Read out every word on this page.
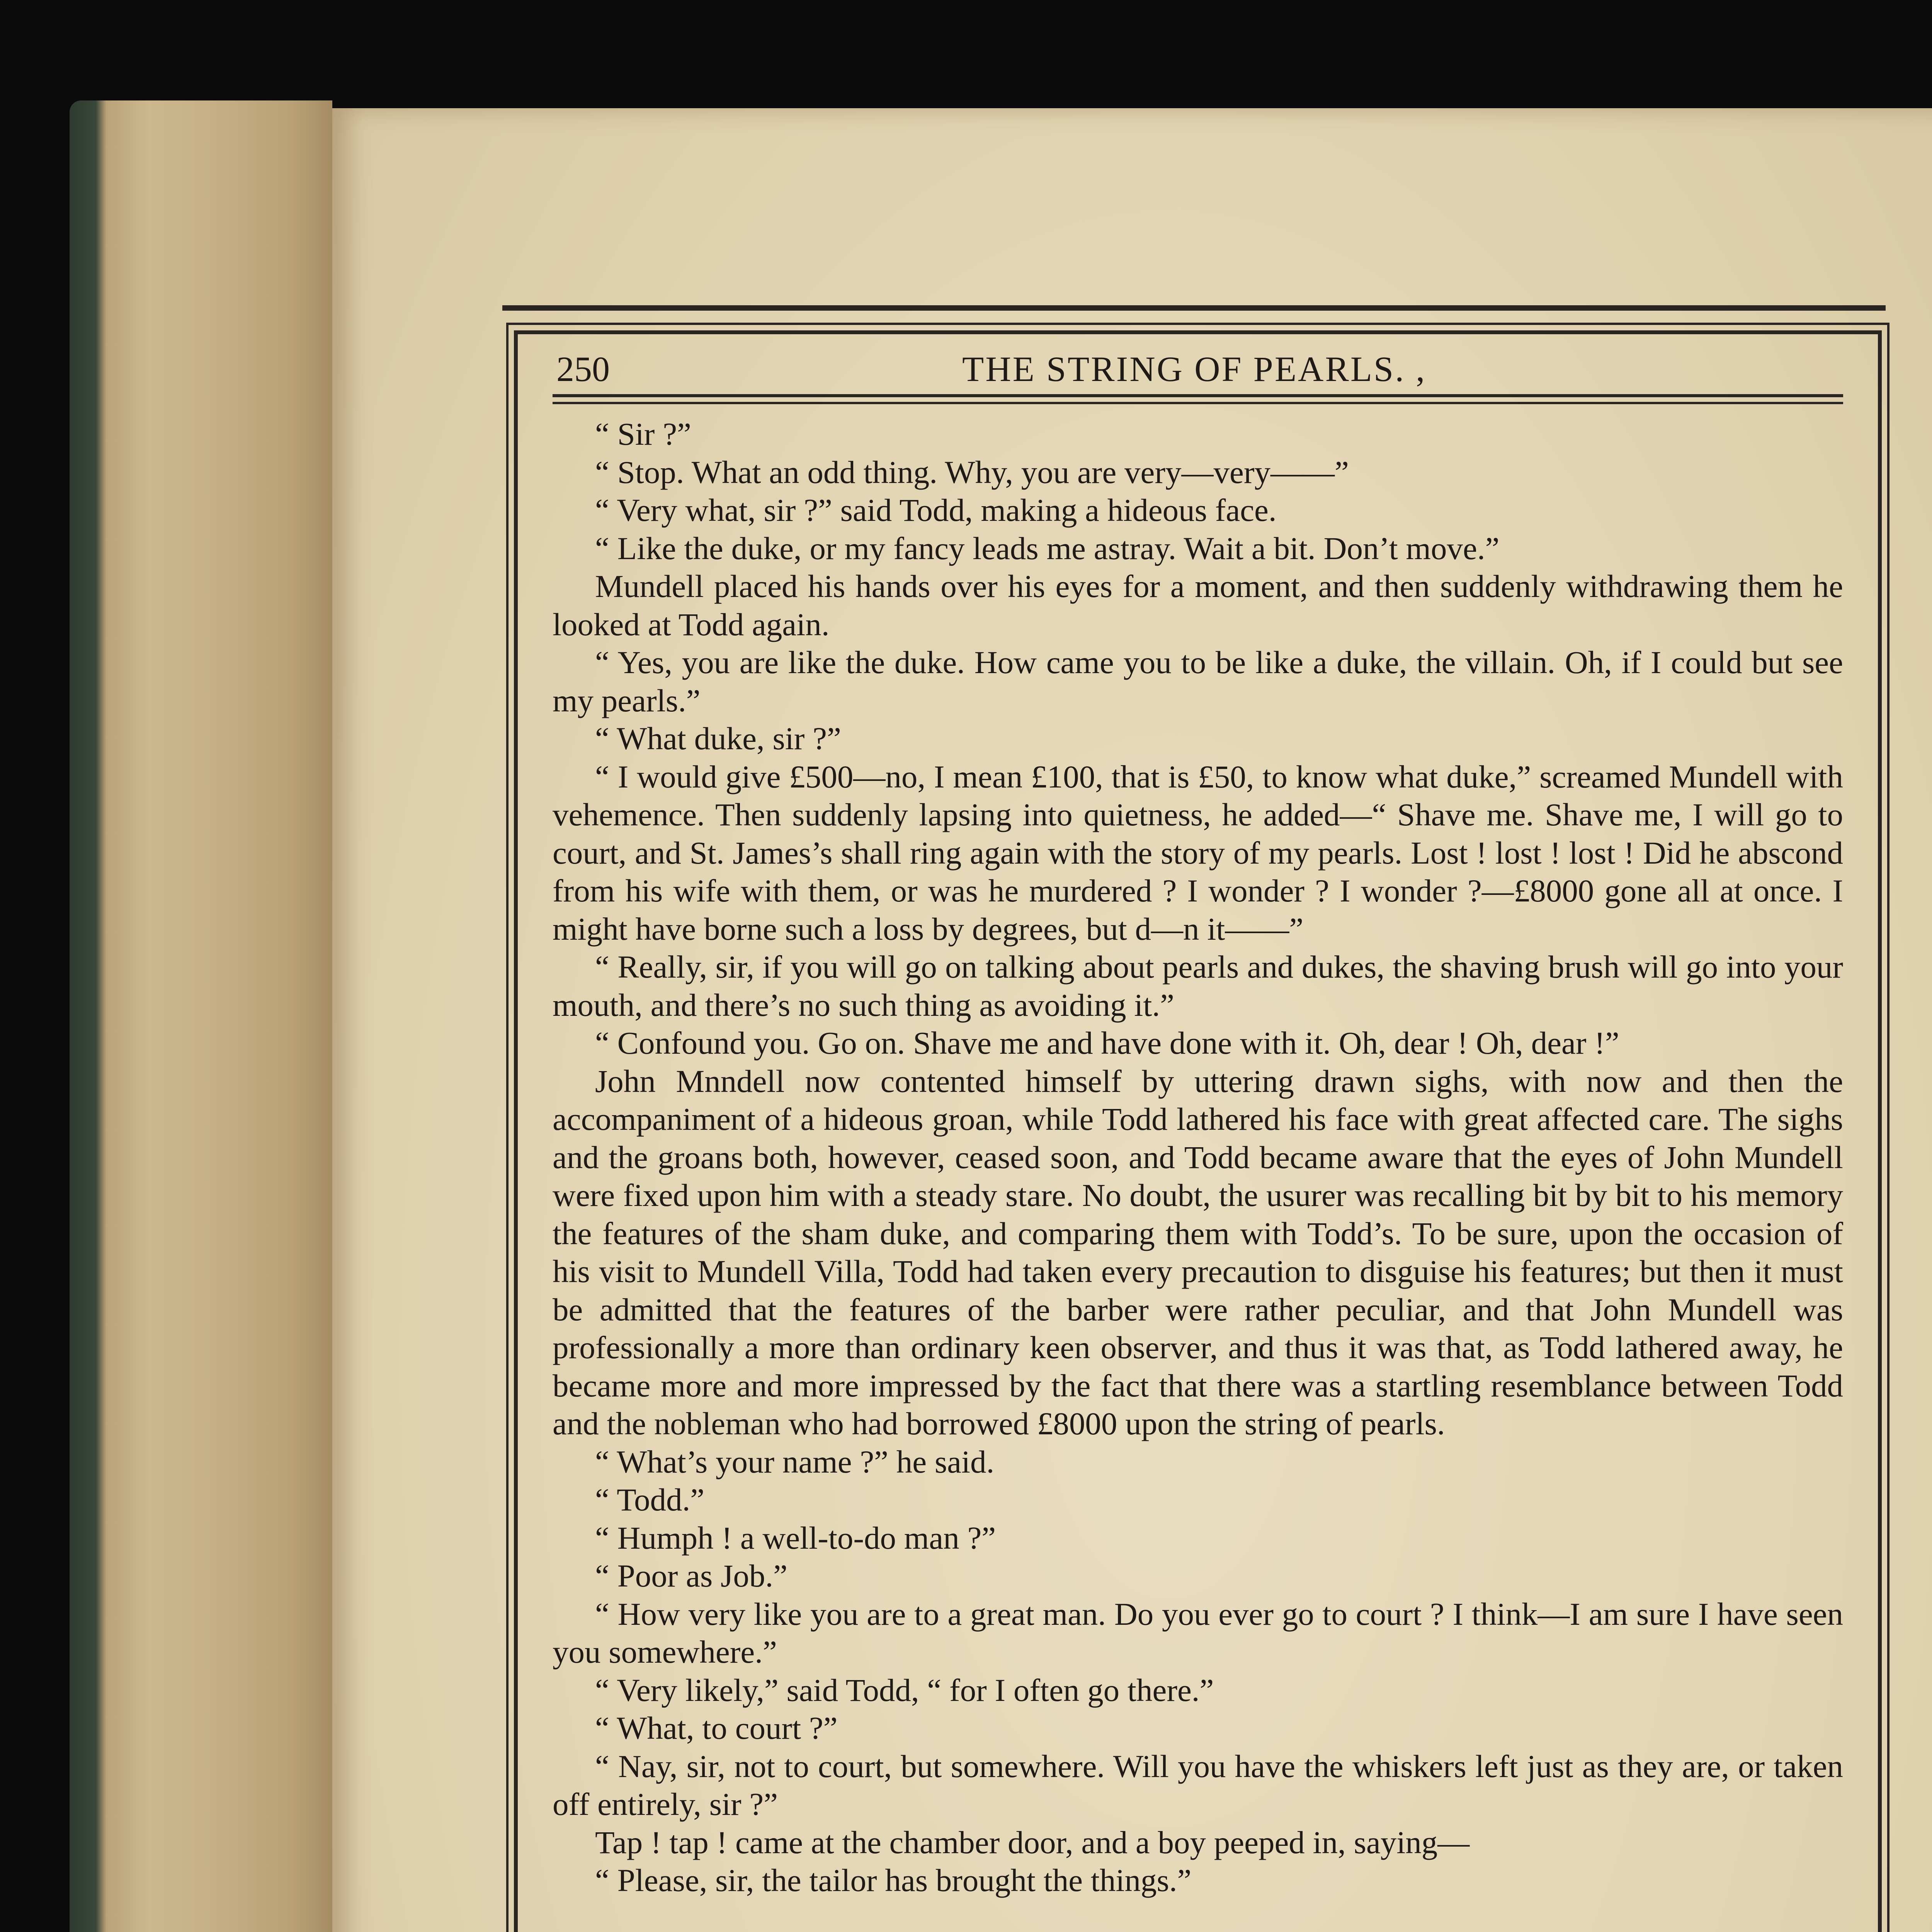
250	THE STRING OF PEARLS. ,

“ Sir ?”

“ Stop. What an odd thing. Why, you are very—very——”

“ Very what, sir ?” said Todd, making a hideous face.

“ Like the duke, or my fancy leads me astray. Wait a bit. Don’t move.”

Mundell placed his hands over his eyes for a moment, and then suddenly withdrawing them he looked at Todd again.

“ Yes, you are like the duke. How came you to be like a duke, the villain. Oh, if I could but see my pearls.”

“ What duke, sir ?”

“ I would give £500—no, I mean £100, that is £50, to know what duke,” screamed Mundell with vehemence. Then suddenly lapsing into quietness, he added—“ Shave me. Shave me, I will go to court, and St. James’s shall ring again with the story of my pearls. Lost ! lost ! lost ! Did he abscond from his wife with them, or was he murdered ? I wonder ? I wonder ?—£8000 gone all at once. I might have borne such a loss by degrees, but d—n it——”

“ Really, sir, if you will go on talking about pearls and dukes, the shaving brush will go into your mouth, and there’s no such thing as avoiding it.”

“ Confound you. Go on. Shave me and have done with it. Oh, dear ! Oh, dear !”

John Mnndell now contented himself by uttering drawn sighs, with now and then the accompaniment of a hideous groan, while Todd lathered his face with great affected care. The sighs and the groans both, however, ceased soon, and Todd became aware that the eyes of John Mundell were fixed upon him with a steady stare. No doubt, the usurer was recalling bit by bit to his memory the features of the sham duke, and comparing them with Todd’s. To be sure, upon the occasion of his visit to Mundell Villa, Todd had taken every precaution to disguise his features; but then it must be admitted that the features of the barber were rather peculiar, and that John Mundell was professionally a more than ordinary keen observer, and thus it was that, as Todd lathered away, he became more and more impressed by the fact that there was a startling resemblance between Todd and the nobleman who had borrowed £8000 upon the string of pearls.

“ What’s your name ?” he said.

“ Todd.”

“ Humph ! a well-to-do man ?”

“ Poor as Job.”

“ How very like you are to a great man. Do you ever go to court ? I think—I am sure I have seen you somewhere.”

“ Very likely,” said Todd, “ for I often go there.”

“ What, to court ?”

“ Nay, sir, not to court, but somewhere. Will you have the whiskers left just as they are, or taken off entirely, sir ?”

Tap ! tap ! came at the chamber door, and a boy peeped in, saying—

“ Please, sir, the tailor has brought the things.”
